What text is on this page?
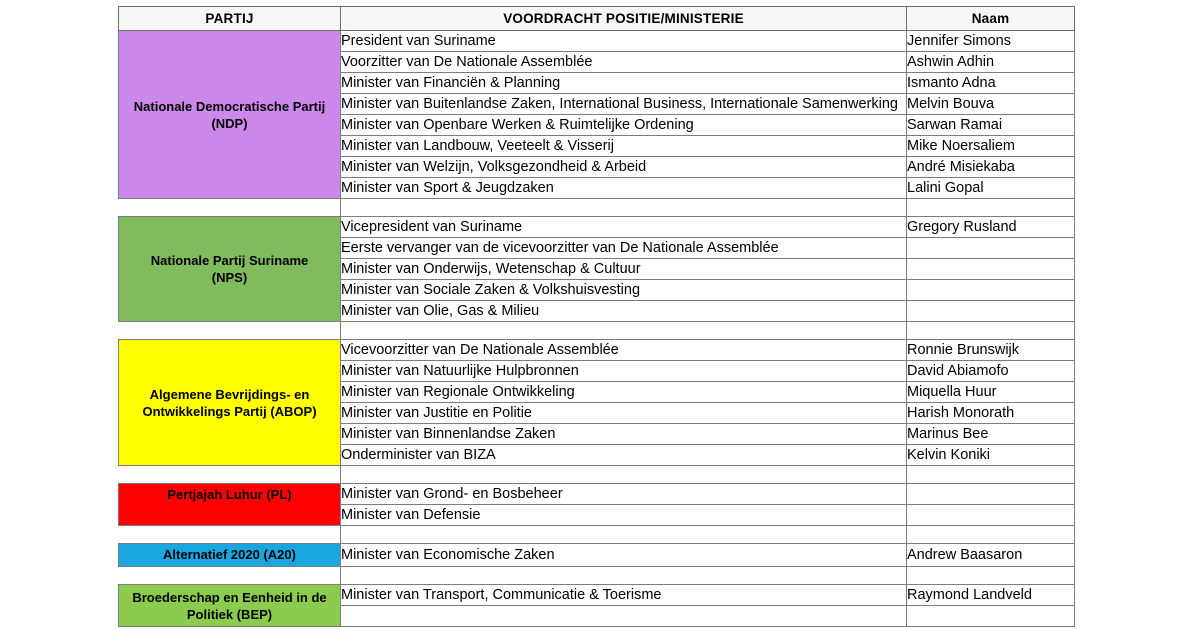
PARTIJ	VOORDRACHT POSITIE/MINISTERIE	Naam

Nationale Democratische Partij
(NDP)	President van Suriname	Jennifer Simons
	Voorzitter van De Nationale Assemblée	Ashwin Adhin
	Minister van Financiën & Planning	Ismanto Adna
	Minister van Buitenlandse Zaken, International Business, Internationale Samenwerking	Melvin Bouva
	Minister van Openbare Werken & Ruimtelijke Ordening	Sarwan Ramai
	Minister van Landbouw, Veeteelt & Visserij	Mike Noersaliem
	Minister van Welzijn, Volksgezondheid & Arbeid	André Misiekaba
	Minister van Sport & Jeugdzaken	Lalini Gopal

Nationale Partij Suriname
(NPS)	Vicepresident van Suriname	Gregory Rusland
	Eerste vervanger van de vicevoorzitter van De Nationale Assemblée	
	Minister van Onderwijs, Wetenschap & Cultuur	
	Minister van Sociale Zaken & Volkshuisvesting	
	Minister van Olie, Gas & Milieu	

Algemene Bevrijdings- en
Ontwikkelings Partij (ABOP)	Vicevoorzitter van De Nationale Assemblée	Ronnie Brunswijk
	Minister van Natuurlijke Hulpbronnen	David Abiamofo
	Minister van Regionale Ontwikkeling	Miquella Huur
	Minister van Justitie en Politie	Harish Monorath
	Minister van Binnenlandse Zaken	Marinus Bee
	Onderminister van BIZA	Kelvin Koniki

Pertjajah Luhur (PL)	Minister van Grond- en Bosbeheer	
	Minister van Defensie	

Alternatief 2020 (A20)	Minister van Economische Zaken	Andrew Baasaron

Broederschap en Eenheid in de
Politiek (BEP)	Minister van Transport, Communicatie & Toerisme	Raymond Landveld
